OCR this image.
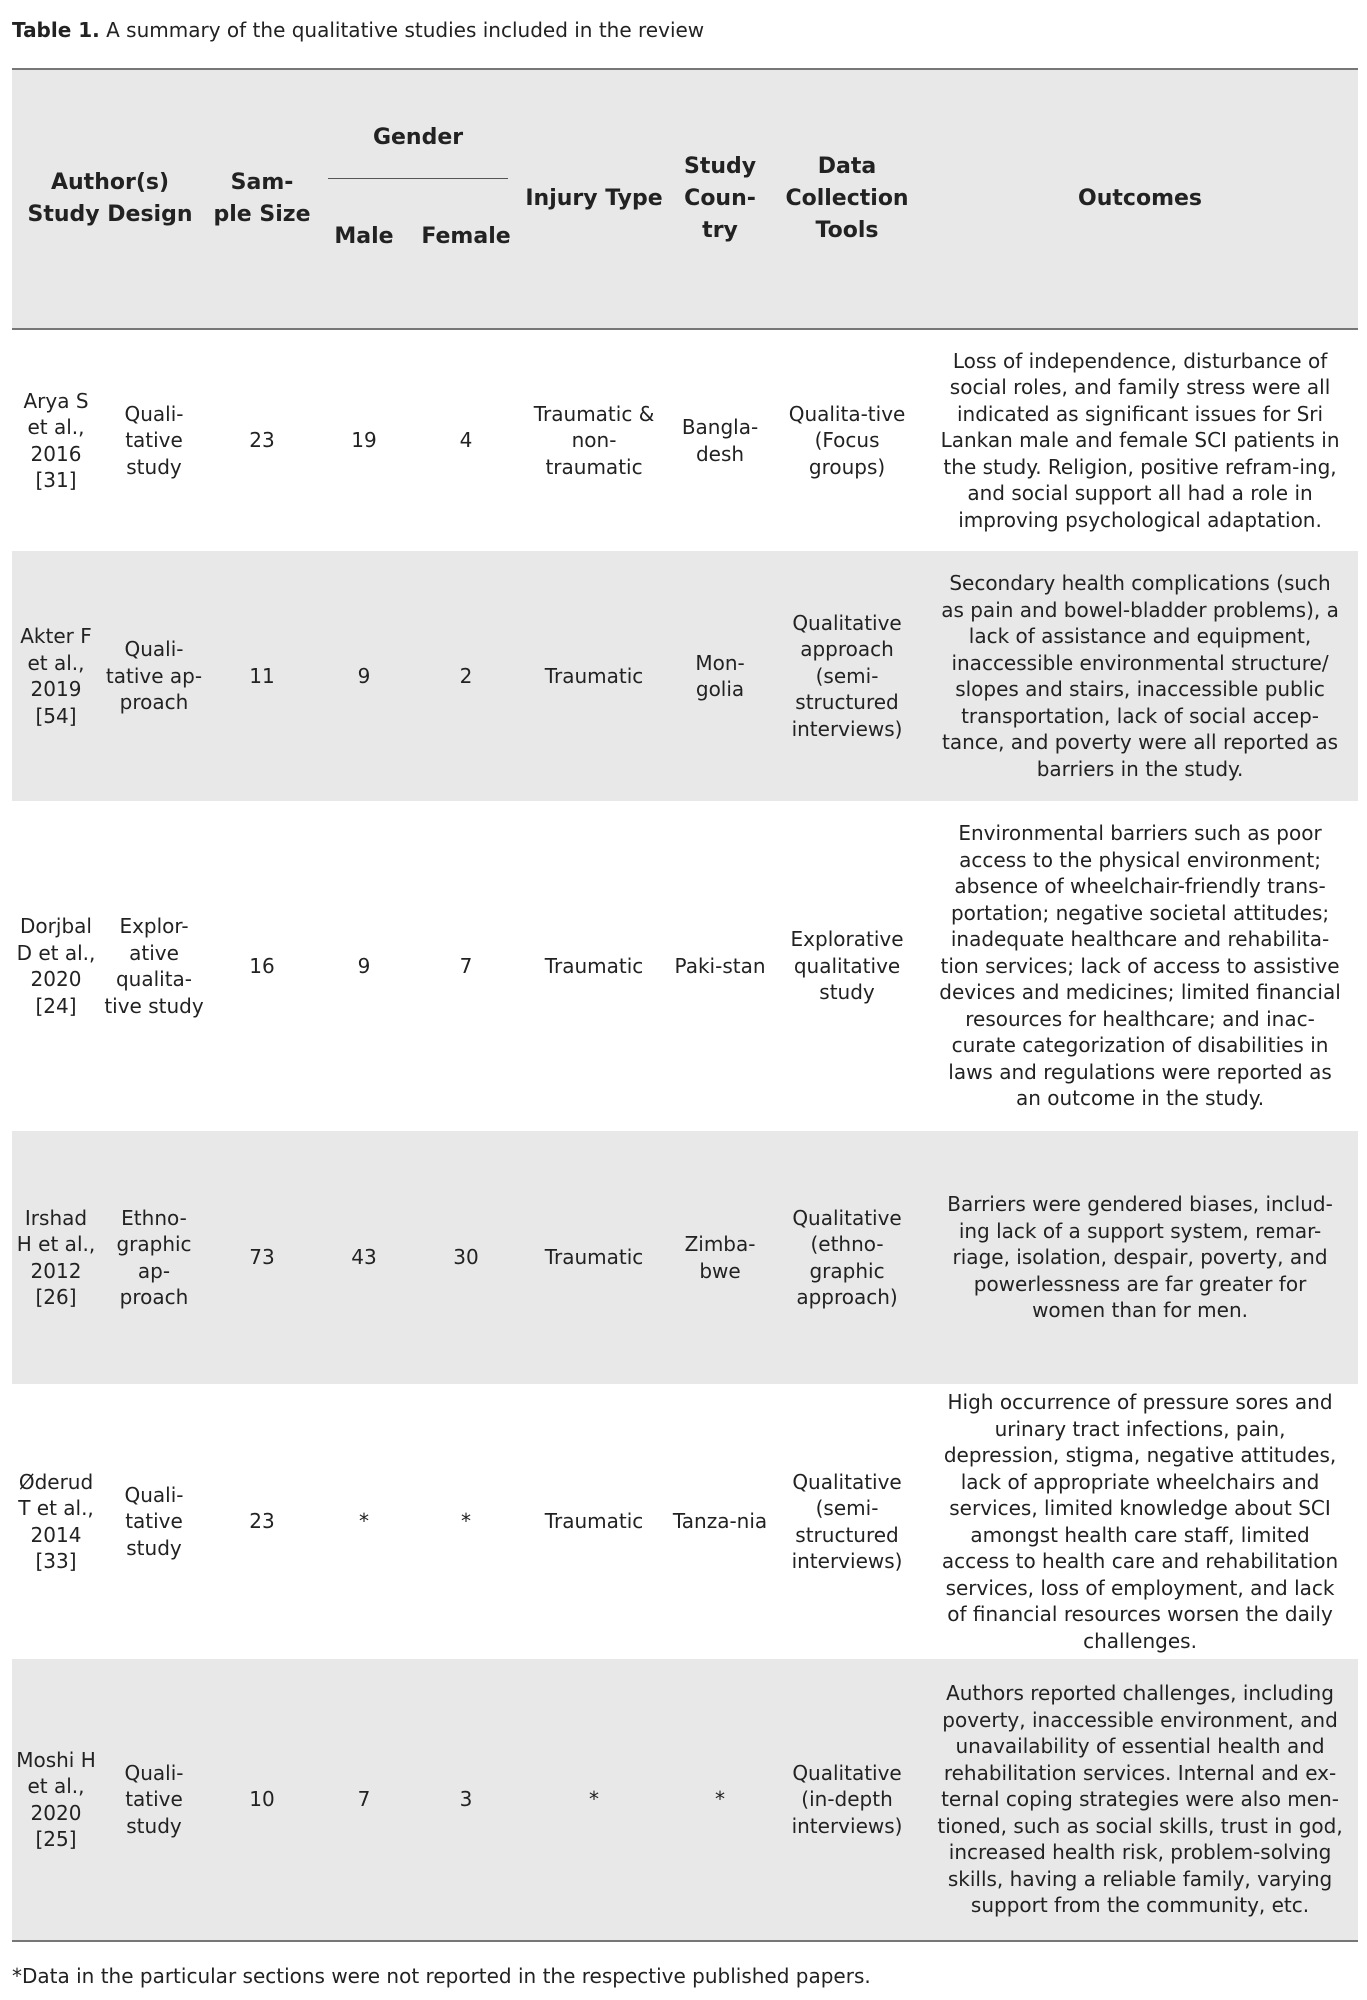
Table 1. A summary of the qualitative studies included in the review
Author(s) Study Design		Sam-ple Size	Gender		Injury Type	Study Coun-try	Data Collection Tools	Outcomes
			Male	Female				
Arya S et al., 2016 [31]	Quali-tative study	23	19	4	Traumatic & non-traumatic	Bangla-desh	Qualita-tive (Focus groups)	Loss of independence, disturbance of social roles, and family stress were all indicated as significant issues for Sri Lankan male and female SCI patients in the study. Religion, positive refram-ing, and social support all had a role in improving psychological adaptation.
Akter F et al., 2019 [54]	Quali-tative ap-proach	11	9	2	Traumatic	Mon-golia	Qualitative approach (semi-structured interviews)	Secondary health complications (such as pain and bowel-bladder problems), a lack of assistance and equipment, inaccessible environmental structure/ slopes and stairs, inaccessible public transportation, lack of social accep-tance, and poverty were all reported as barriers in the study.
Dorjbal D et al., 2020 [24]	Explor-ative qualita-tive study	16	9	7	Traumatic	Paki-stan	Explorative qualitative study	Environmental barriers such as poor access to the physical environment; absence of wheelchair-friendly trans-portation; negative societal attitudes; inadequate healthcare and rehabilita-tion services; lack of access to assistive devices and medicines; limited financial resources for healthcare; and inac-curate categorization of disabilities in laws and regulations were reported as an outcome in the study.
Irshad H et al., 2012 [26]	Ethno-graphic ap-proach	73	43	30	Traumatic	Zimba-bwe	Qualitative (ethno-graphic approach)	Barriers were gendered biases, includ-ing lack of a support system, remar-riage, isolation, despair, poverty, and powerlessness are far greater for women than for men.
Øderud T et al., 2014 [33]	Quali-tative study	23	*	*	Traumatic	Tanza-nia	Qualitative (semi-structured interviews)	High occurrence of pressure sores and urinary tract infections, pain, depression, stigma, negative attitudes, lack of appropriate wheelchairs and services, limited knowledge about SCI amongst health care staff, limited access to health care and rehabilitation services, loss of employment, and lack of financial resources worsen the daily challenges.
Moshi H et al., 2020 [25]	Quali-tative study	10	7	3	*	*	Qualitative (in-depth interviews)	Authors reported challenges, including poverty, inaccessible environment, and unavailability of essential health and rehabilitation services. Internal and ex-ternal coping strategies were also men-tioned, such as social skills, trust in god, increased health risk, problem-solving skills, having a reliable family, varying support from the community, etc.
*Data in the particular sections were not reported in the respective published papers.
